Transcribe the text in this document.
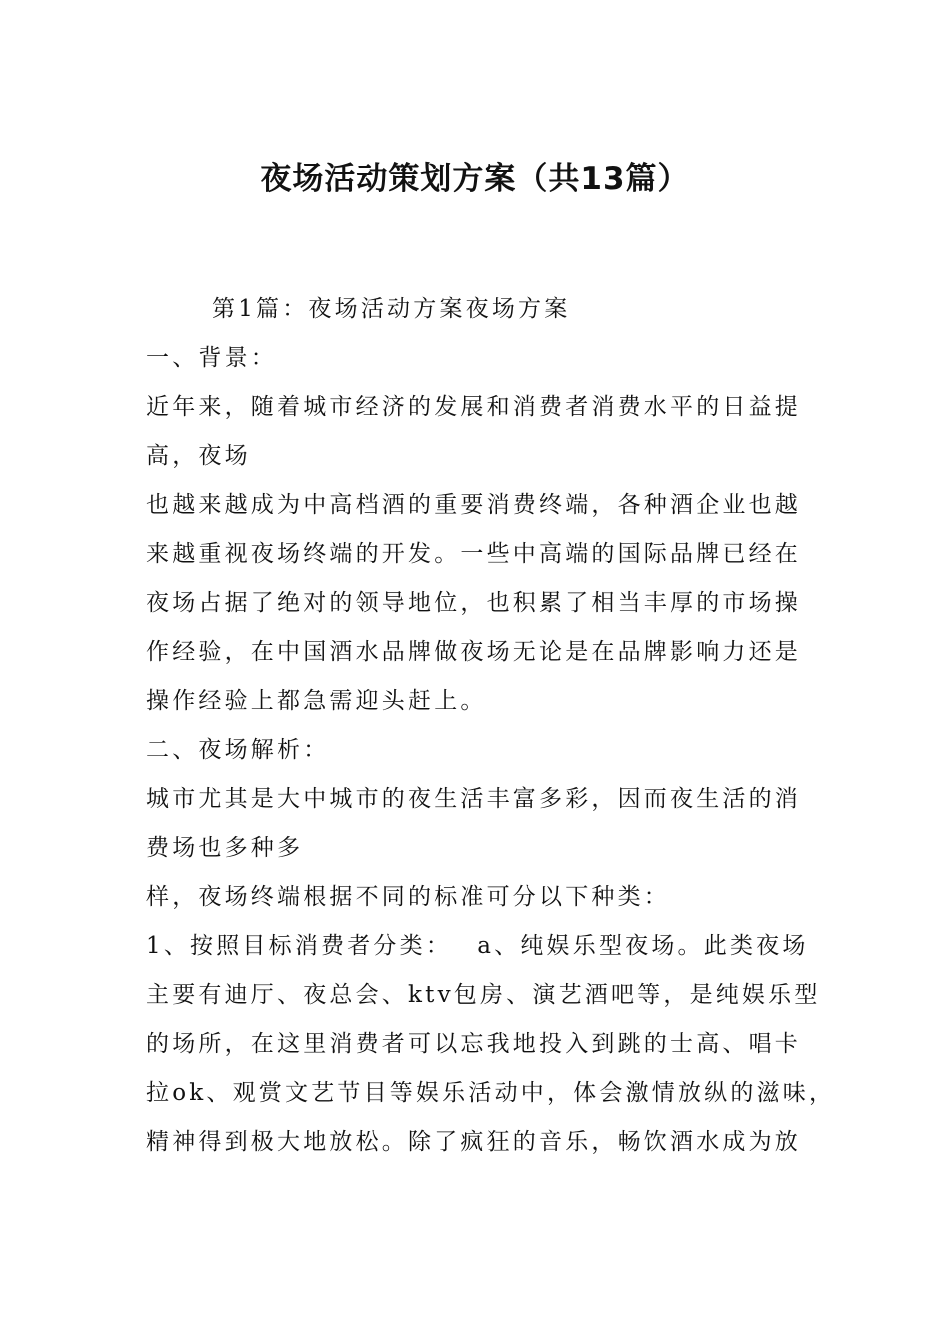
夜场活动策划方案（共13篇）
第1篇：夜场活动方案夜场方案
一、背景：
近年来，随着城市经济的发展和消费者消费水平的日益提
高，夜场
也越来越成为中高档酒的重要消费终端，各种酒企业也越
来越重视夜场终端的开发。一些中高端的国际品牌已经在
夜场占据了绝对的领导地位，也积累了相当丰厚的市场操
作经验，在中国酒水品牌做夜场无论是在品牌影响力还是
操作经验上都急需迎头赶上。
二、夜场解析：
城市尤其是大中城市的夜生活丰富多彩，因而夜生活的消
费场也多种多
样，夜场终端根据不同的标准可分以下种类：
1、按照目标消费者分类：　 a、纯娱乐型夜场。此类夜场
主要有迪厅、夜总会、ktv包房、演艺酒吧等，是纯娱乐型
的场所，在这里消费者可以忘我地投入到跳的士高、唱卡
拉ok、观赏文艺节目等娱乐活动中，体会激情放纵的滋味，
精神得到极大地放松。除了疯狂的音乐，畅饮酒水成为放
